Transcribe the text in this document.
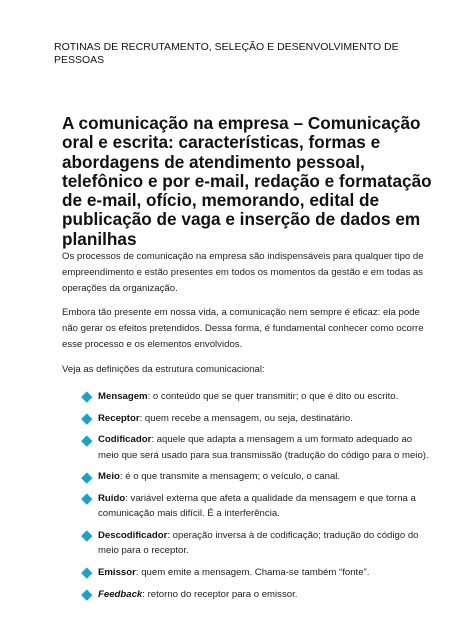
ROTINAS DE RECRUTAMENTO, SELEÇÃO E DESENVOLVIMENTO DE PESSOAS
A comunicação na empresa – Comunicação oral e escrita: características, formas e abordagens de atendimento pessoal, telefônico e por e-mail, redação e formatação de e-mail, ofício, memorando, edital de publicação de vaga e inserção de dados em planilhas

Os processos de comunicação na empresa são indispensáveis para qualquer tipo de empreendimento e estão presentes em todos os momentos da gestão e em todas as operações da organização.

Embora tão presente em nossa vida, a comunicação nem sempre é eficaz: ela pode não gerar os efeitos pretendidos. Dessa forma, é fundamental conhecer como ocorre esse processo e os elementos envolvidos.

Veja as definições da estrutura comunicacional:

Mensagem: o conteúdo que se quer transmitir; o que é dito ou escrito.
Receptor: quem recebe a mensagem, ou seja, destinatário.
Codificador: aquele que adapta a mensagem a um formato adequado ao meio que será usado para sua transmissão (tradução do código para o meio).
Meio: é o que transmite a mensagem; o veículo, o canal.
Ruído: variável externa que afeta a qualidade da mensagem e que torna a comunicação mais difícil. É a interferência.
Descodificador: operação inversa à de codificação; tradução do código do meio para o receptor.
Emissor: quem emite a mensagem. Chama-se também “fonte”.
Feedback: retorno do receptor para o emissor.
